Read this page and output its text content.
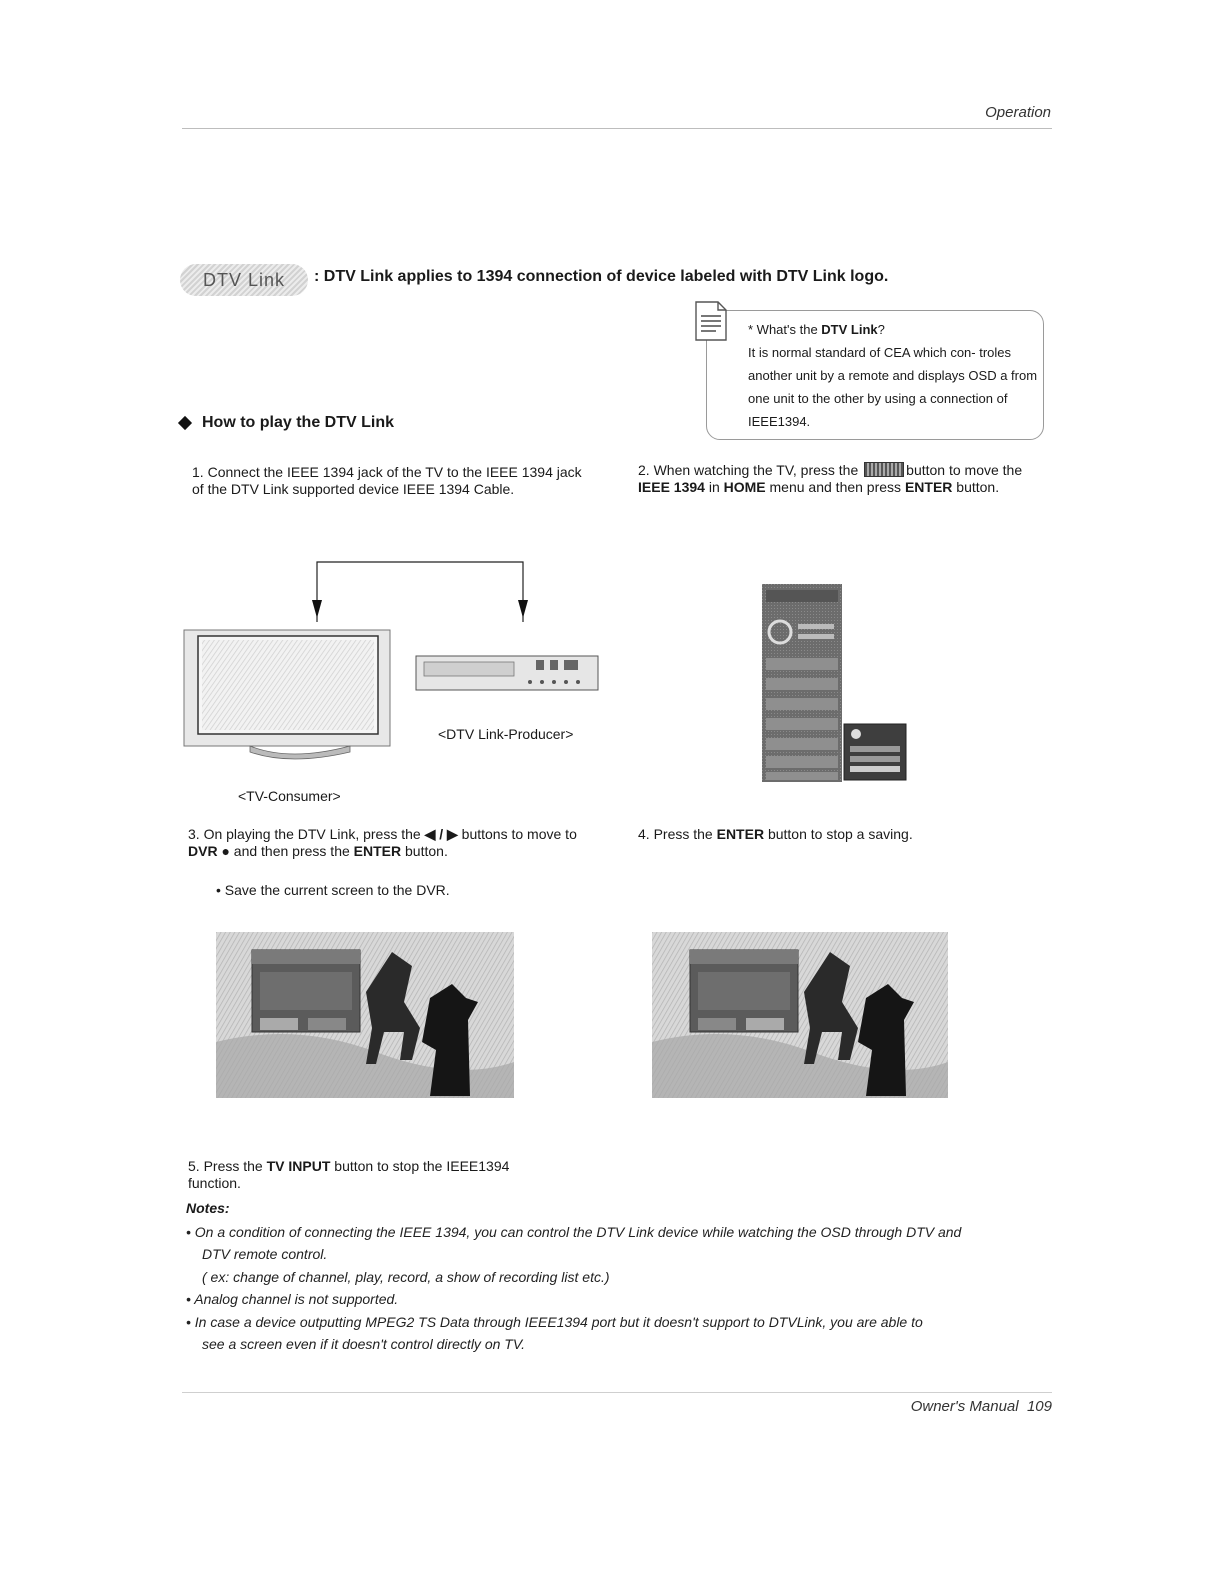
Operation
DTV Link	: DTV Link applies to 1394 connection of device labeled with DTV Link logo.
* What's the DTV Link?
It is normal standard of CEA which con- troles another unit by a remote and displays OSD a from one unit to the other by using a connection of IEEE1394.
How to play the DTV Link
1. Connect the IEEE 1394 jack of the TV to the IEEE 1394 jack of the DTV Link supported device IEEE 1394 Cable.
2. When watching the TV, press the	button to move the IEEE 1394 in HOME menu and then press ENTER button.
<TV-Consumer>
<DTV Link-Producer>
3. On playing the DTV Link, press the ◀ / ▶ buttons to move to DVR ● and then press the ENTER button.
• Save the current screen to the DVR.
4. Press the ENTER button to stop a saving.
5. Press the TV INPUT button to stop the IEEE1394 function.
Notes:
• On a condition of connecting the IEEE 1394, you can control the DTV Link device while watching the OSD through DTV and
DTV remote control.
( ex: change of channel, play, record, a show of recording list etc.)
• Analog channel is not supported.
• In case a device outputting MPEG2 TS Data through IEEE1394 port but it doesn't support to DTVLink, you are able to
see a screen even if it doesn't control directly on TV.
Owner's Manual 109
